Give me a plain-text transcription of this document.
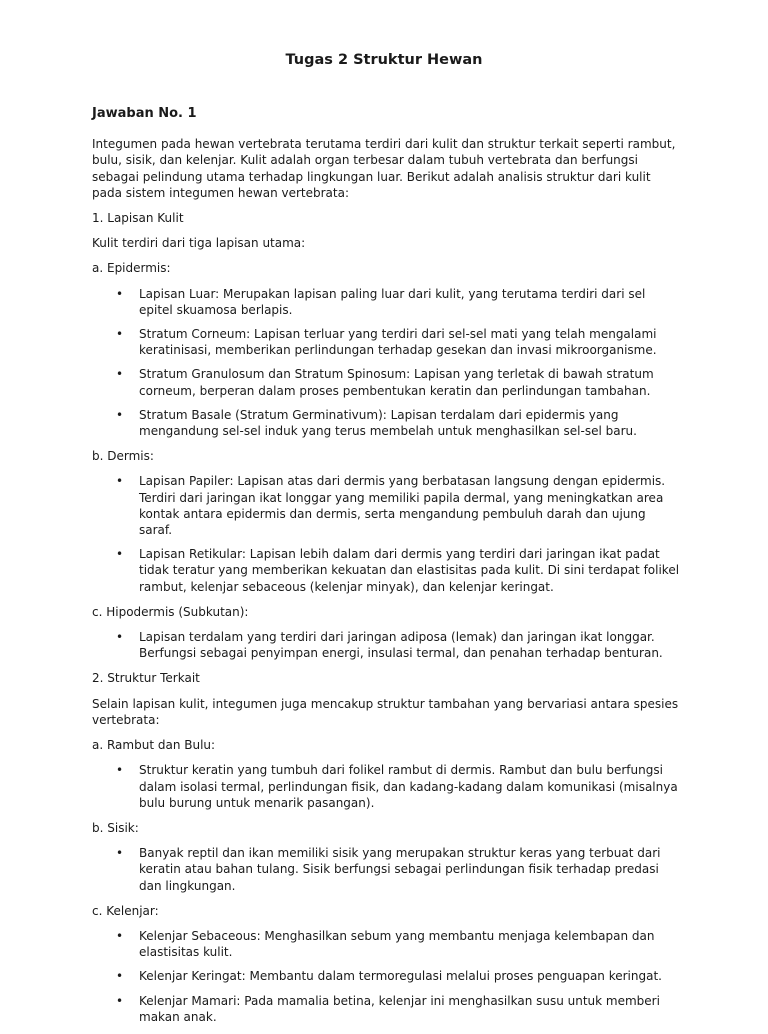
Tugas 2 Struktur Hewan
Jawaban No. 1

Integumen pada hewan vertebrata terutama terdiri dari kulit dan struktur terkait seperti rambut, bulu, sisik, dan kelenjar. Kulit adalah organ terbesar dalam tubuh vertebrata dan berfungsi sebagai pelindung utama terhadap lingkungan luar. Berikut adalah analisis struktur dari kulit pada sistem integumen hewan vertebrata:

1. Lapisan Kulit

Kulit terdiri dari tiga lapisan utama:

a. Epidermis:

• Lapisan Luar: Merupakan lapisan paling luar dari kulit, yang terutama terdiri dari sel epitel skuamosa berlapis.
• Stratum Corneum: Lapisan terluar yang terdiri dari sel-sel mati yang telah mengalami keratinisasi, memberikan perlindungan terhadap gesekan dan invasi mikroorganisme.
• Stratum Granulosum dan Stratum Spinosum: Lapisan yang terletak di bawah stratum corneum, berperan dalam proses pembentukan keratin dan perlindungan tambahan.
• Stratum Basale (Stratum Germinativum): Lapisan terdalam dari epidermis yang mengandung sel-sel induk yang terus membelah untuk menghasilkan sel-sel baru.

b. Dermis:

• Lapisan Papiler: Lapisan atas dari dermis yang berbatasan langsung dengan epidermis. Terdiri dari jaringan ikat longgar yang memiliki papila dermal, yang meningkatkan area kontak antara epidermis dan dermis, serta mengandung pembuluh darah dan ujung saraf.
• Lapisan Retikular: Lapisan lebih dalam dari dermis yang terdiri dari jaringan ikat padat tidak teratur yang memberikan kekuatan dan elastisitas pada kulit. Di sini terdapat folikel rambut, kelenjar sebaceous (kelenjar minyak), dan kelenjar keringat.

c. Hipodermis (Subkutan):

• Lapisan terdalam yang terdiri dari jaringan adiposa (lemak) dan jaringan ikat longgar. Berfungsi sebagai penyimpan energi, insulasi termal, dan penahan terhadap benturan.

2. Struktur Terkait

Selain lapisan kulit, integumen juga mencakup struktur tambahan yang bervariasi antara spesies vertebrata:

a. Rambut dan Bulu:

• Struktur keratin yang tumbuh dari folikel rambut di dermis. Rambut dan bulu berfungsi dalam isolasi termal, perlindungan fisik, dan kadang-kadang dalam komunikasi (misalnya bulu burung untuk menarik pasangan).

b. Sisik:

• Banyak reptil dan ikan memiliki sisik yang merupakan struktur keras yang terbuat dari keratin atau bahan tulang. Sisik berfungsi sebagai perlindungan fisik terhadap predasi dan lingkungan.

c. Kelenjar:

• Kelenjar Sebaceous: Menghasilkan sebum yang membantu menjaga kelembapan dan elastisitas kulit.
• Kelenjar Keringat: Membantu dalam termoregulasi melalui proses penguapan keringat.
• Kelenjar Mamari: Pada mamalia betina, kelenjar ini menghasilkan susu untuk memberi makan anak.
